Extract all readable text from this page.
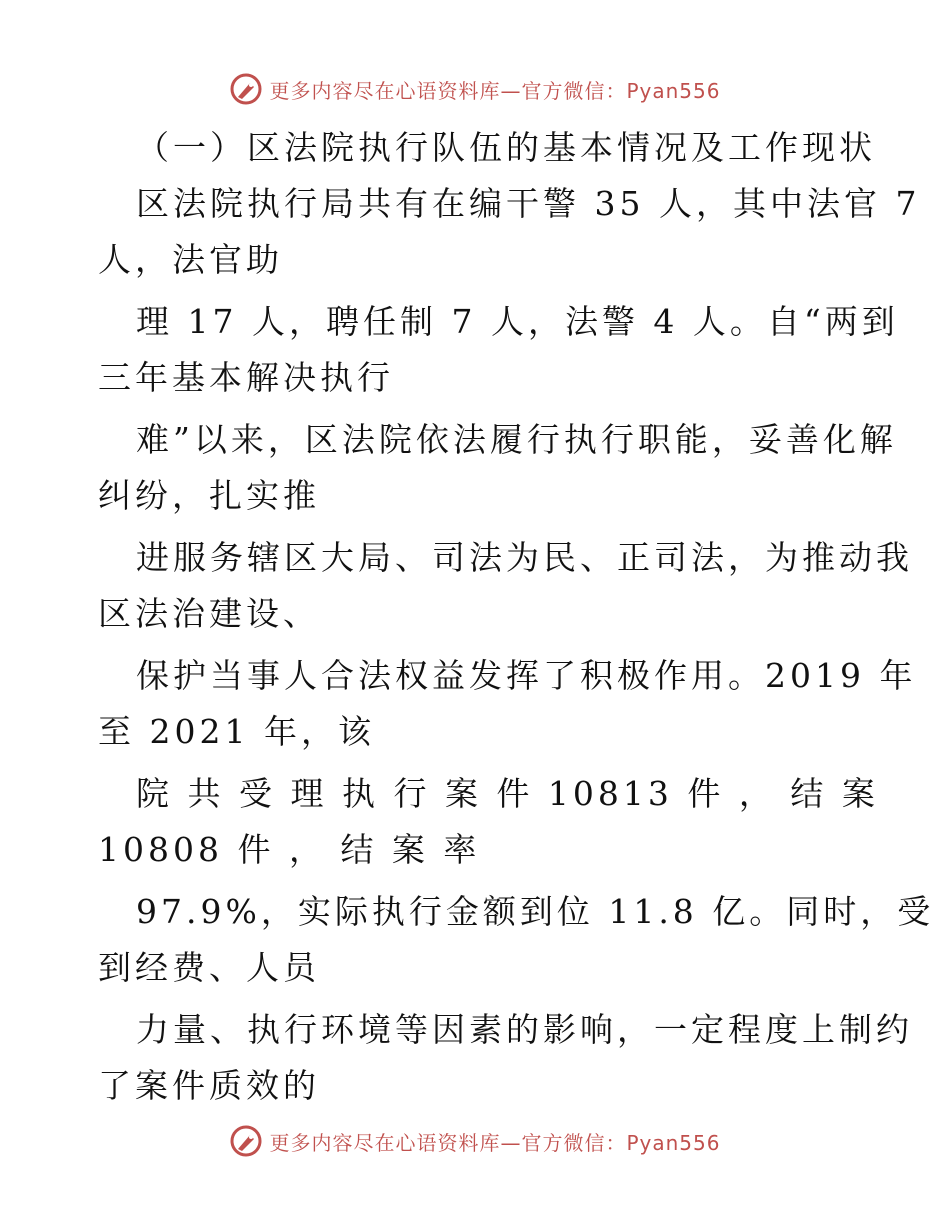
更多内容尽在心语资料库—官方微信：Pyan556

（一）区法院执行队伍的基本情况及工作现状

区法院执行局共有在编干警 35 人，其中法官 7

人，法官助

理 17 人，聘任制 7 人，法警 4 人。自“两到

三年基本解决执行

难”以来，区法院依法履行执行职能，妥善化解

纠纷，扎实推

进服务辖区大局、司法为民、正司法，为推动我

区法治建设、

保护当事人合法权益发挥了积极作用。2019 年

至 2021 年，该

院 共 受 理 执 行 案 件 10813 件 ， 结 案

10808 件 ， 结 案 率

97.9%，实际执行金额到位 11.8 亿。同时，受

到经费、人员

力量、执行环境等因素的影响，一定程度上制约

了案件质效的

更多内容尽在心语资料库—官方微信：Pyan556
